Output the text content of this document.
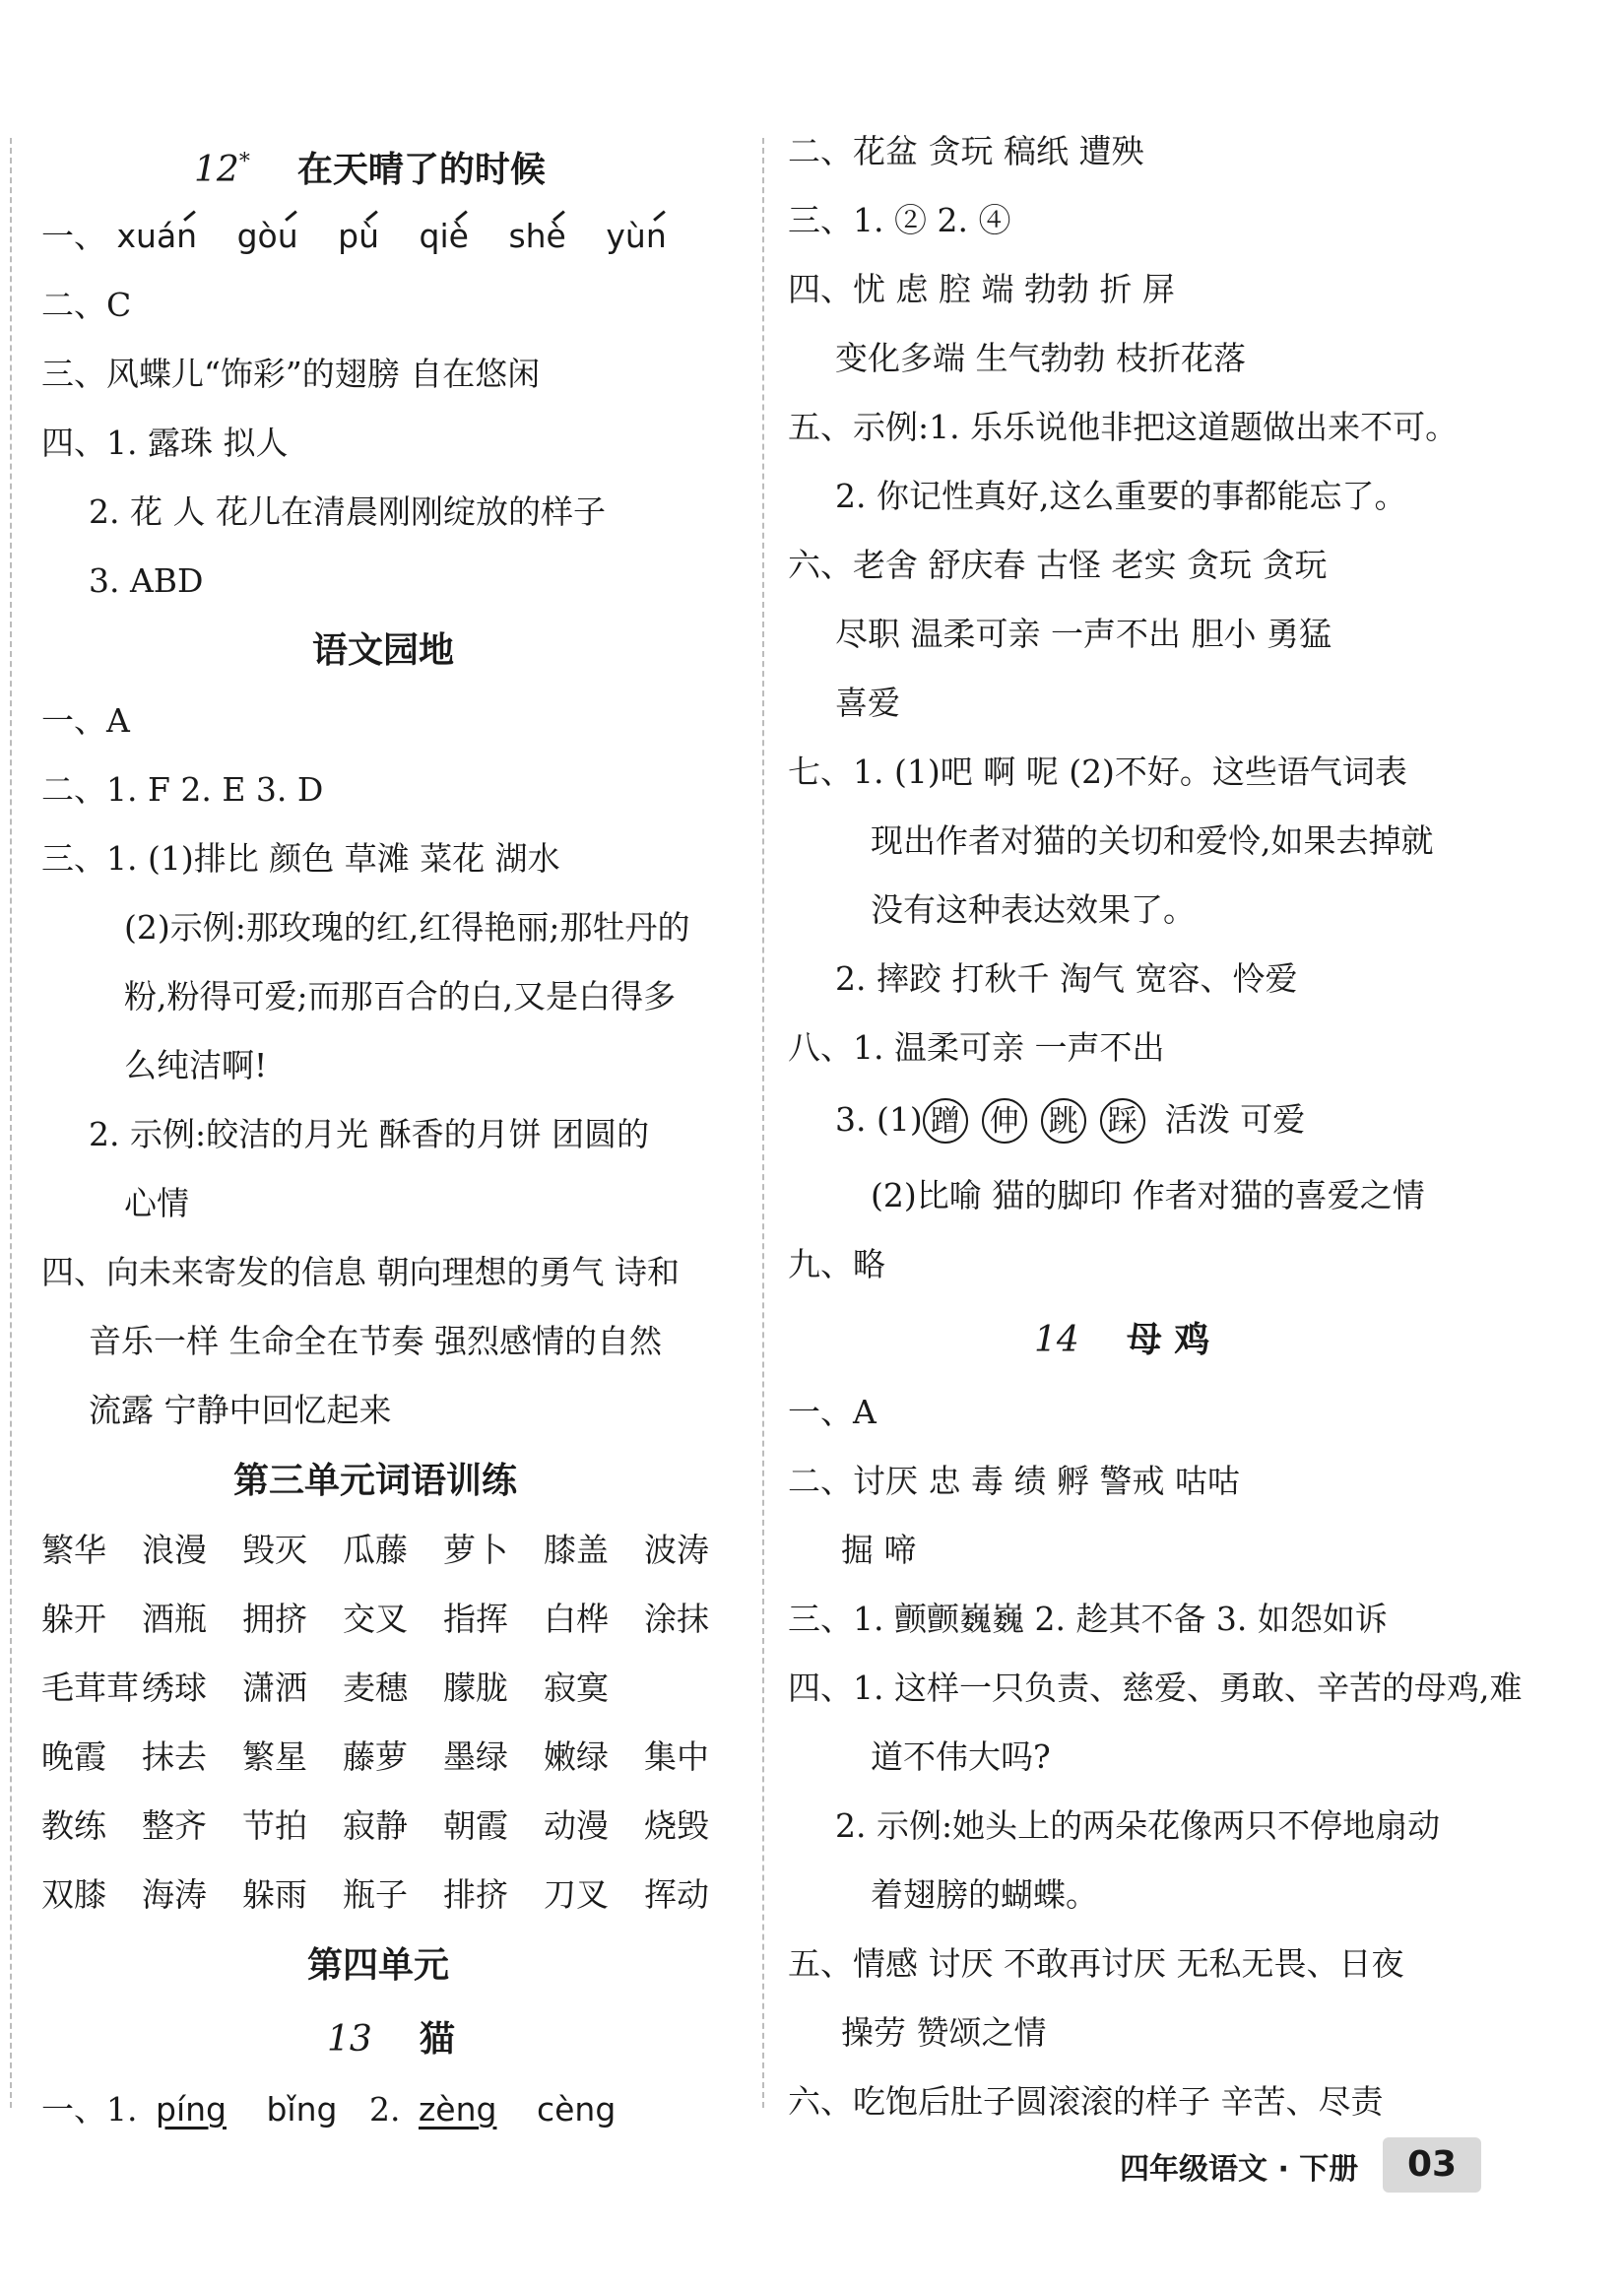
12* 在天晴了的时候
一、 xuán gòu pù qiè shè yùn
二、C
三、风蝶儿“饰彩”的翅膀 自在悠闲
四、1. 露珠 拟人
2. 花 人 花儿在清晨刚刚绽放的样子
3. ABD
语文园地
一、A
二、1. F 2. E 3. D
三、1. (1)排比 颜色 草滩 菜花 湖水
(2)示例:那玫瑰的红,红得艳丽;那牡丹的
粉,粉得可爱;而那百合的白,又是白得多
么纯洁啊!
2. 示例:皎洁的月光 酥香的月饼 团圆的
心情
四、向未来寄发的信息 朝向理想的勇气 诗和
音乐一样 生命全在节奏 强烈感情的自然
流露 宁静中回忆起来
第三单元词语训练
繁华 浪漫 毁灭 瓜藤 萝卜 膝盖 波涛
躲开 酒瓶 拥挤 交叉 指挥 白桦 涂抹
毛茸茸绣球 潇洒 麦穗 朦胧 寂寞
晚霞 抹去 繁星 藤萝 墨绿 嫩绿 集中
教练 整齐 节拍 寂静 朝霞 动漫 烧毁
双膝 海涛 躲雨 瓶子 排挤 刀叉 挥动
第四单元
13 猫
一、1. píng bǐng 2. zèng cèng
二、花盆 贪玩 稿纸 遭殃
三、1. ② 2. ④
四、忧 虑 腔 端 勃勃 折 屏
变化多端 生气勃勃 枝折花落
五、示例:1. 乐乐说他非把这道题做出来不可。
2. 你记性真好,这么重要的事都能忘了。
六、老舍 舒庆春 古怪 老实 贪玩 贪玩
尽职 温柔可亲 一声不出 胆小 勇猛
喜爱
七、1. (1)吧 啊 呢 (2)不好。这些语气词表
现出作者对猫的关切和爱怜,如果去掉就
没有这种表达效果了。
2. 摔跤 打秋千 淘气 宽容、怜爱
八、1. 温柔可亲 一声不出
3. (1) 蹭 伸 跳 踩 活泼 可爱
(2)比喻 猫的脚印 作者对猫的喜爱之情
九、略
14 母 鸡
一、A
二、讨厌 忠 毒 绩 孵 警戒 咕咕
掘 啼
三、1. 颤颤巍巍 2. 趁其不备 3. 如怨如诉
四、1. 这样一只负责、慈爱、勇敢、辛苦的母鸡,难
道不伟大吗?
2. 示例:她头上的两朵花像两只不停地扇动
着翅膀的蝴蝶。
五、情感 讨厌 不敢再讨厌 无私无畏、日夜
操劳 赞颂之情
六、吃饱后肚子圆滚滚的样子 辛苦、尽责
四年级语文 · 下册	03
